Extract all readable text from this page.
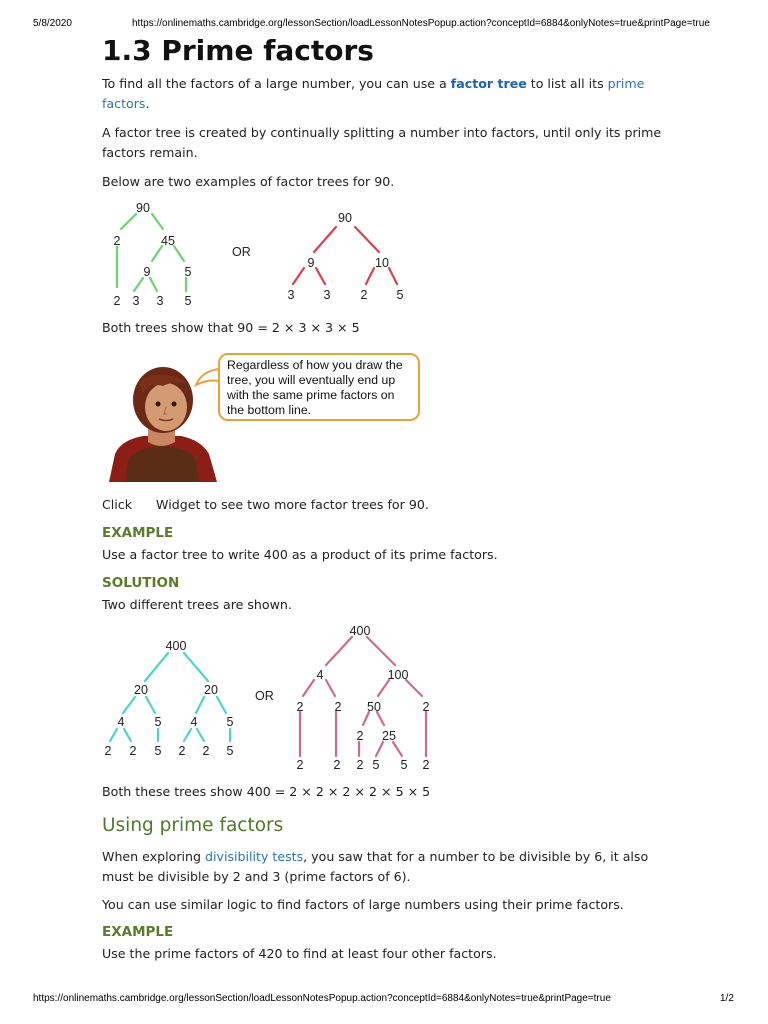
5/8/2020	https://onlinemaths.cambridge.org/lessonSection/loadLessonNotesPopup.action?conceptId=6884&onlyNotes=true&printPage=true
1.3 Prime factors
To find all the factors of a large number, you can use a factor tree to list all its prime factors.
A factor tree is created by continually splitting a number into factors, until only its prime factors remain.
Below are two examples of factor trees for 90.
90
2	45
9	5
2 3 3 5
OR
90
9	10
3 3 2 5
Both trees show that 90 = 2 × 3 × 3 × 5
Regardless of how you draw the tree, you will eventually end up with the same prime factors on the bottom line.
Click Widget to see two more factor trees for 90.
EXAMPLE
Use a factor tree to write 400 as a product of its prime factors.
SOLUTION
Two different trees are shown.
400
20	20
4 5 4 5
2 2 5 2 2 5
OR
400
4	100
2 2 50	2
2 25
2 2 2 5 5 2
Both these trees show 400 = 2 × 2 × 2 × 2 × 5 × 5
Using prime factors
When exploring divisibility tests, you saw that for a number to be divisible by 6, it also must be divisible by 2 and 3 (prime factors of 6).
You can use similar logic to find factors of large numbers using their prime factors.
EXAMPLE
Use the prime factors of 420 to find at least four other factors.
https://onlinemaths.cambridge.org/lessonSection/loadLessonNotesPopup.action?conceptId=6884&onlyNotes=true&printPage=true	1/2
